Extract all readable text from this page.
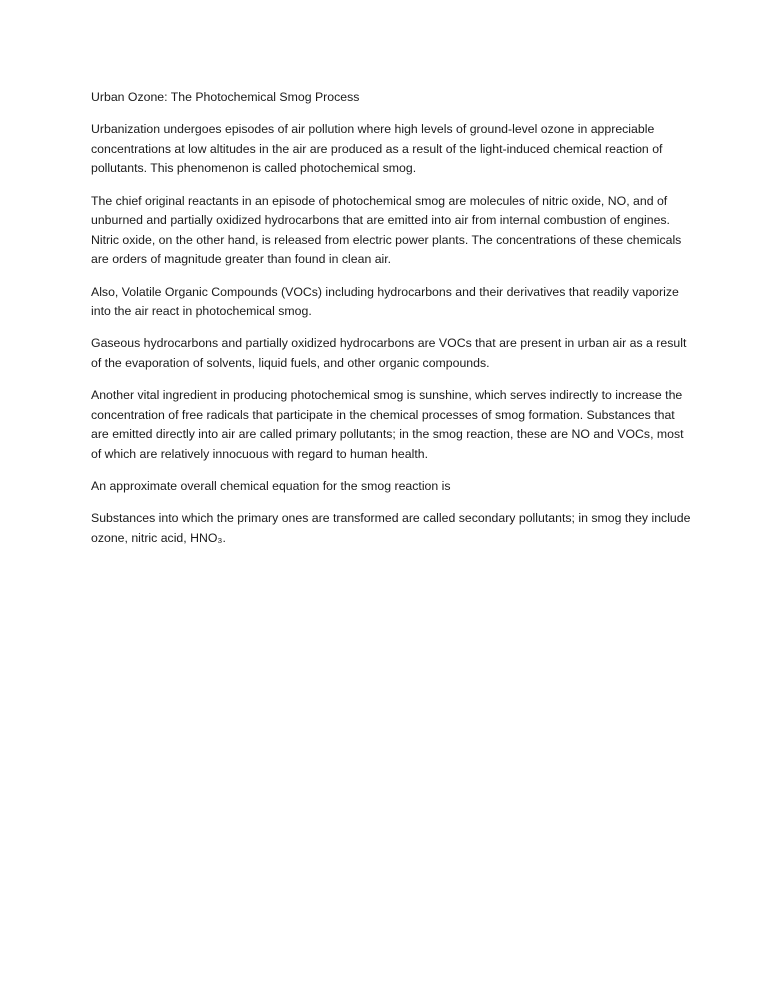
Urban Ozone: The Photochemical Smog Process

Urbanization undergoes episodes of air pollution where high levels of ground-level ozone in appreciable concentrations at low altitudes in the air are produced as a result of the light-induced chemical reaction of pollutants. This phenomenon is called photochemical smog.

The chief original reactants in an episode of photochemical smog are molecules of nitric oxide, NO, and of unburned and partially oxidized hydrocarbons that are emitted into air from internal combustion of engines. Nitric oxide, on the other hand, is released from electric power plants. The concentrations of these chemicals are orders of magnitude greater than found in clean air.

Also, Volatile Organic Compounds (VOCs) including hydrocarbons and their derivatives that readily vaporize into the air react in photochemical smog.

Gaseous hydrocarbons and partially oxidized hydrocarbons are VOCs that are present in urban air as a result of the evaporation of solvents, liquid fuels, and other organic compounds.

Another vital ingredient in producing photochemical smog is sunshine, which serves indirectly to increase the concentration of free radicals that participate in the chemical processes of smog formation. Substances that are emitted directly into air are called primary pollutants; in the smog reaction, these are NO and VOCs, most of which are relatively innocuous with regard to human health.

An approximate overall chemical equation for the smog reaction is

Substances into which the primary ones are transformed are called secondary pollutants; in smog they include ozone, nitric acid, HNO₃.
